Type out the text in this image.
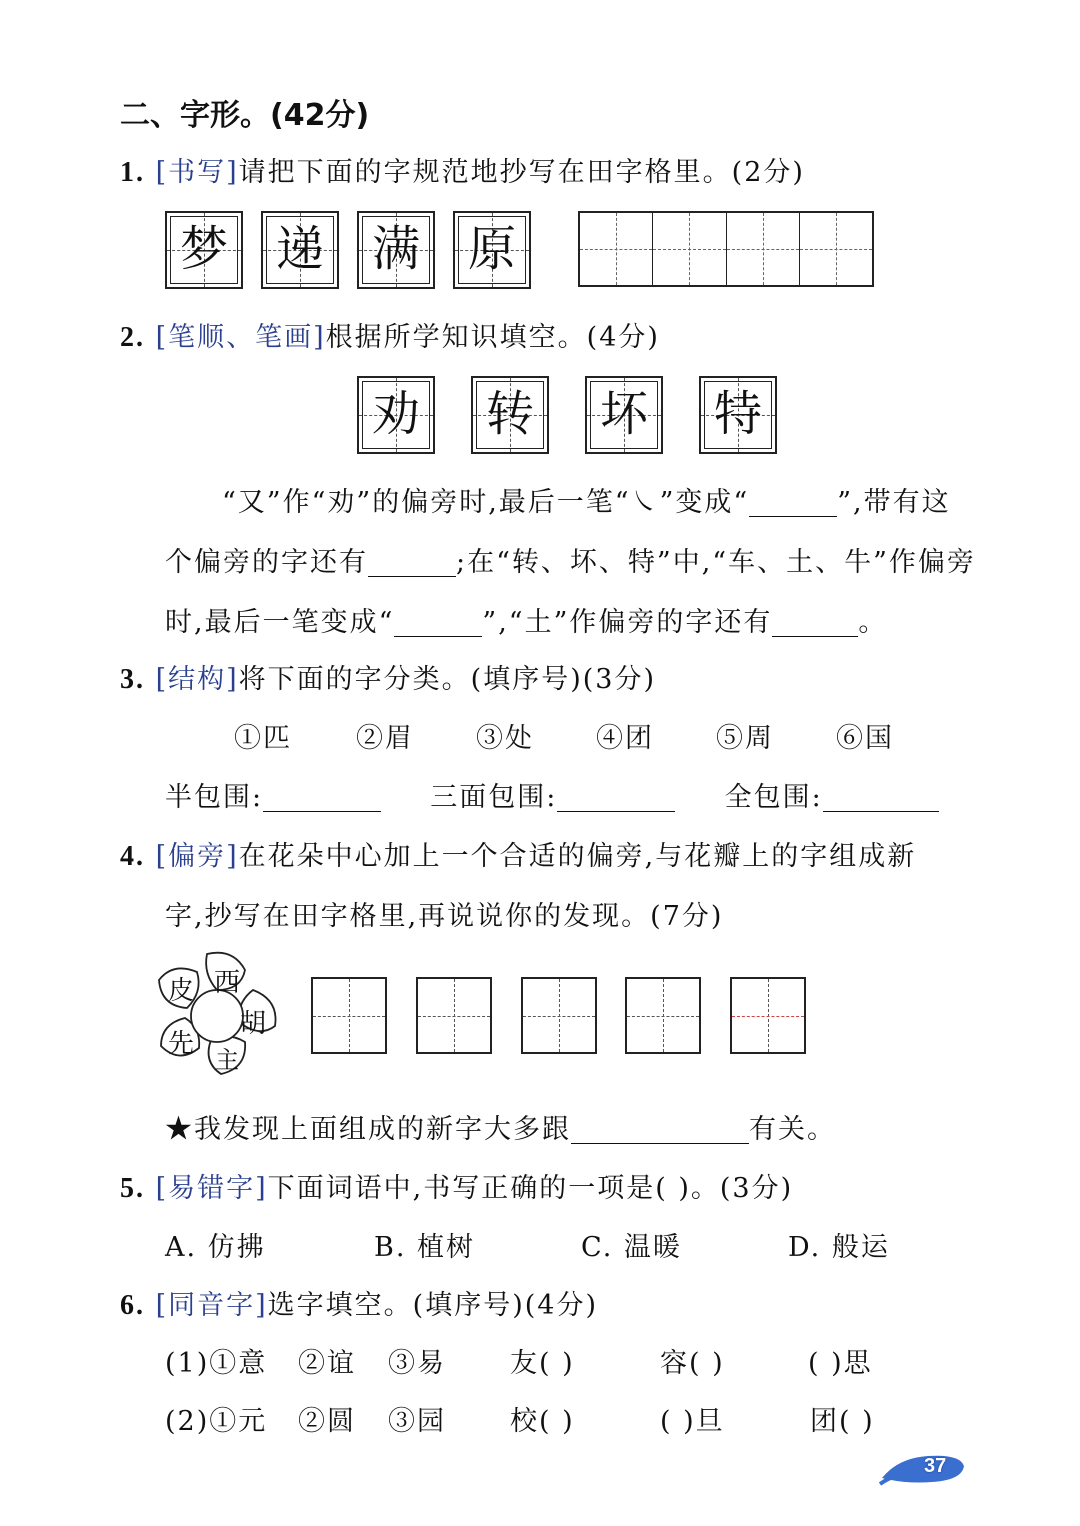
二、字形。(42分)
1. [书写]请把下面的字规范地抄写在田字格里。(2分)
梦 递 满 原
2. [笔顺、笔画]根据所学知识填空。(4分)
劝 转 坏 特
“又”作“劝”的偏旁时,最后一笔“㇏”变成“	”,带有这
个偏旁的字还有	;在“转、坏、特”中,“车、土、牛”作偏旁
时,最后一笔变成“	”,“土”作偏旁的字还有	。
3. [结构]将下面的字分类。(填序号)(3分)
①匹 ②眉 ③处 ④团 ⑤周 ⑥国
半包围:	三面包围:	全包围:
4. [偏旁]在花朵中心加上一个合适的偏旁,与花瓣上的字组成新
字,抄写在田字格里,再说说你的发现。(7分)
皮 西
胡
主
先
★我发现上面组成的新字大多跟	有关。
5. [易错字]下面词语中,书写正确的一项是( )。(3分)
A. 仿拂	B. 植树	C. 温暖	D. 般运
6. [同音字]选字填空。(填序号)(4分)
(1)①意 ②谊 ③易 友( )	容( )	( )思
(2)①元 ②圆 ③园 校( )	( )旦	团( )
37
